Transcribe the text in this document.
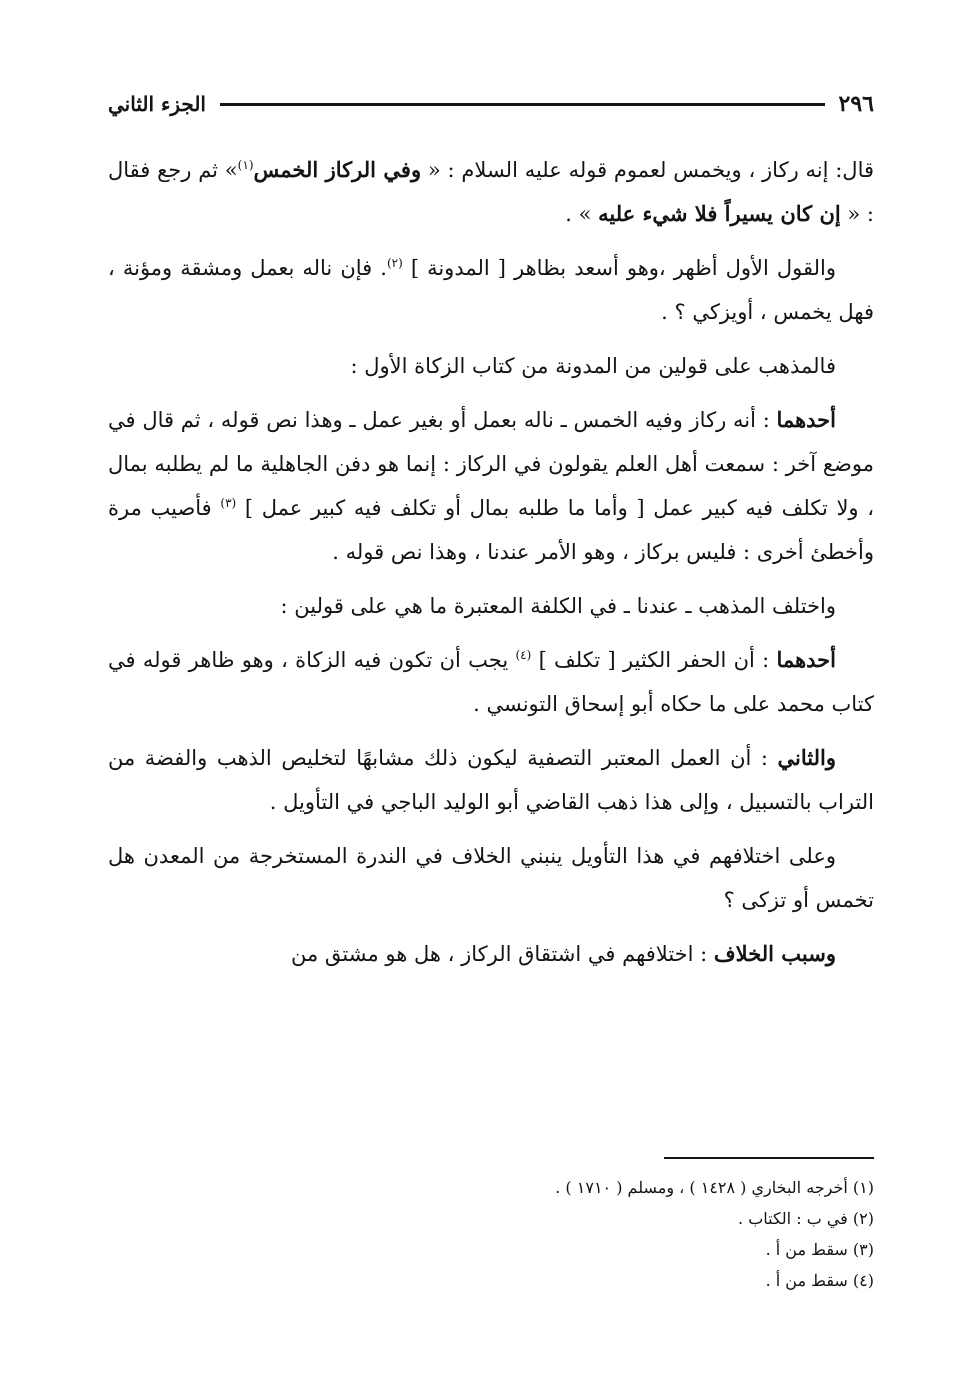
٢٩٦
الجزء الثاني

قال: إنه ركاز ، ويخمس لعموم قوله عليه السلام : « وفي الركاز الخمس$^{(١)}$» ثم رجع فقال : « إن كان يسيراً فلا شيء عليه » .

والقول الأول أظهر ،وهو أسعد بظاهر [ المدونة ] $^{(٢)}$. فإن ناله بعمل ومشقة ومؤنة ، فهل يخمس ، أويزكي ؟ .

فالمذهب على قولين من المدونة من كتاب الزكاة الأول :

أحدهما : أنه ركاز وفيه الخمس ـ ناله بعمل أو بغير عمل ـ وهذا نص قوله ، ثم قال في موضع آخر : سمعت أهل العلم يقولون في الركاز : إنما هو دفن الجاهلية ما لم يطلبه بمال ، ولا تكلف فيه كبير عمل [ وأما ما طلبه بمال أو تكلف فيه كبير عمل ] $^{(٣)}$ فأصيب مرة وأخطئ أخرى : فليس بركاز ، وهو الأمر عندنا ، وهذا نص قوله .

واختلف المذهب ـ عندنا ـ في الكلفة المعتبرة ما هي على قولين :

أحدهما : أن الحفر الكثير [ تكلف ] $^{(٤)}$ يجب أن تكون فيه الزكاة ، وهو ظاهر قوله في كتاب محمد على ما حكاه أبو إسحاق التونسي .

والثاني : أن العمل المعتبر التصفية ليكون ذلك مشابهًا لتخليص الذهب والفضة من التراب بالتسبيل ، وإلى هذا ذهب القاضي أبو الوليد الباجي في التأويل .

وعلى اختلافهم في هذا التأويل ينبني الخلاف في الندرة المستخرجة من المعدن هل تخمس أو تزكى ؟

وسبب الخلاف : اختلافهم في اشتقاق الركاز ، هل هو مشتق من

(١) أخرجه البخاري ( ١٤٢٨ ) ، ومسلم ( ١٧١٠ ) .

(٢) في ب : الكتاب .

(٣) سقط من أ .

(٤) سقط من أ .
